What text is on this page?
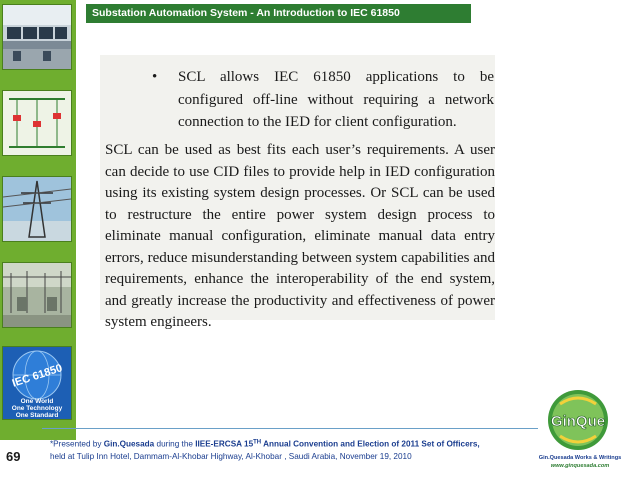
Substation Automation System - An Introduction to IEC 61850
IEC 61850
One World
One Technology
One Standard
• SCL allows IEC 61850 applications to be configured off-line without requiring a network connection to the IED for client configuration.
SCL can be used as best fits each user’s requirements. A user can decide to use CID files to provide help in IED configuration using its existing system design processes. Or SCL can be used to restructure the entire power system design process to eliminate manual configuration, eliminate manual data entry errors, reduce misunderstanding between system capabilities and requirements, enhance the interoperability of the end system, and greatly increase the productivity and effectiveness of power system engineers.
69
*Presented by Gin.Quesada during the IIEE-ERCSA 15TH Annual Convention and Election of 2011 Set of Officers,
held at Tulip Inn Hotel, Dammam-Al-Khobar Highway, Al-Khobar , Saudi Arabia, November 19, 2010
GinQue
Gin.Quesada Works & Writings
www.ginquesada.com
